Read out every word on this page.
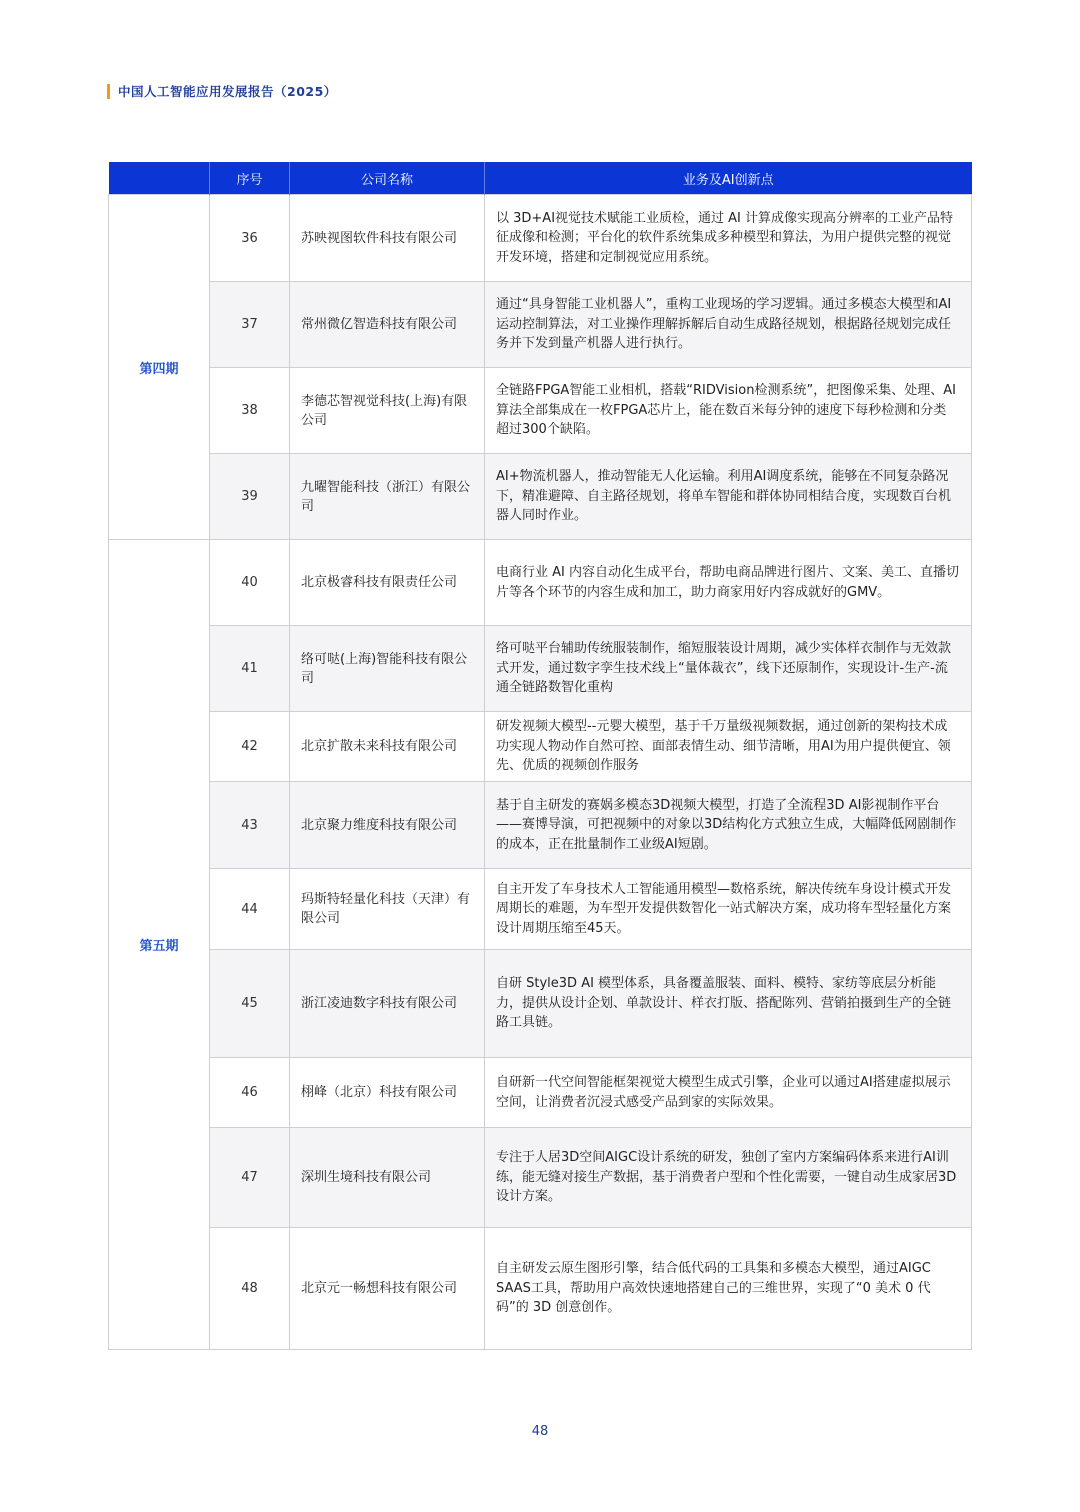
中国人工智能应用发展报告（2025）
	序号	公司名称	业务及AI创新点
第四期	36	苏映视图软件科技有限公司	以 3D+AI视觉技术赋能工业质检，通过 AI 计算成像实现高分辨率的工业产品特征成像和检测；平台化的软件系统集成多种模型和算法，为用户提供完整的视觉开发环境，搭建和定制视觉应用系统。
	37	常州微亿智造科技有限公司	通过“具身智能工业机器人”，重构工业现场的学习逻辑。通过多模态大模型和AI运动控制算法，对工业操作理解拆解后自动生成路径规划，根据路径规划完成任务并下发到量产机器人进行执行。
	38	李德芯智视觉科技(上海)有限公司	全链路FPGA智能工业相机，搭载“RIDVision检测系统”，把图像采集、处理、AI算法全部集成在一枚FPGA芯片上，能在数百米每分钟的速度下每秒检测和分类超过300个缺陷。
	39	九曜智能科技（浙江）有限公司	AI+物流机器人，推动智能无人化运输。利用AI调度系统，能够在不同复杂路况下，精准避障、自主路径规划，将单车智能和群体协同相结合度，实现数百台机器人同时作业。
第五期	40	北京极睿科技有限责任公司	电商行业 AI 内容自动化生成平台，帮助电商品牌进行图片、文案、美工、直播切片等各个环节的内容生成和加工，助力商家用好内容成就好的GMV。
	41	络可哒(上海)智能科技有限公司	络可哒平台辅助传统服装制作，缩短服装设计周期，减少实体样衣制作与无效款式开发，通过数字孪生技术线上“量体裁衣”，线下还原制作，实现设计-生产-流通全链路数智化重构
	42	北京扩散未来科技有限公司	研发视频大模型--元婴大模型，基于千万量级视频数据，通过创新的架构技术成功实现人物动作自然可控、面部表情生动、细节清晰，用AI为用户提供便宜、领先、优质的视频创作服务
	43	北京聚力维度科技有限公司	基于自主研发的赛娲多模态3D视频大模型，打造了全流程3D AI影视制作平台——赛博导演，可把视频中的对象以3D结构化方式独立生成，大幅降低网剧制作的成本，正在批量制作工业级AI短剧。
	44	玛斯特轻量化科技（天津）有限公司	自主开发了车身技术人工智能通用模型—数格系统，解决传统车身设计模式开发周期长的难题，为车型开发提供数智化一站式解决方案，成功将车型轻量化方案设计周期压缩至45天。
	45	浙江凌迪数字科技有限公司	自研 Style3D AI 模型体系，具备覆盖服装、面料、模特、家纺等底层分析能力，提供从设计企划、单款设计、样衣打版、搭配陈列、营销拍摄到生产的全链路工具链。
	46	栩峰（北京）科技有限公司	自研新一代空间智能框架视觉大模型生成式引擎，企业可以通过AI搭建虚拟展示空间，让消费者沉浸式感受产品到家的实际效果。
	47	深圳生境科技有限公司	专注于人居3D空间AIGC设计系统的研发，独创了室内方案编码体系来进行AI训练，能无缝对接生产数据，基于消费者户型和个性化需要，一键自动生成家居3D设计方案。
	48	北京元一畅想科技有限公司	自主研发云原生图形引擎，结合低代码的工具集和多模态大模型，通过AIGC SAAS工具，帮助用户高效快速地搭建自己的三维世界，实现了“0 美术 0 代码”的 3D 创意创作。
48
